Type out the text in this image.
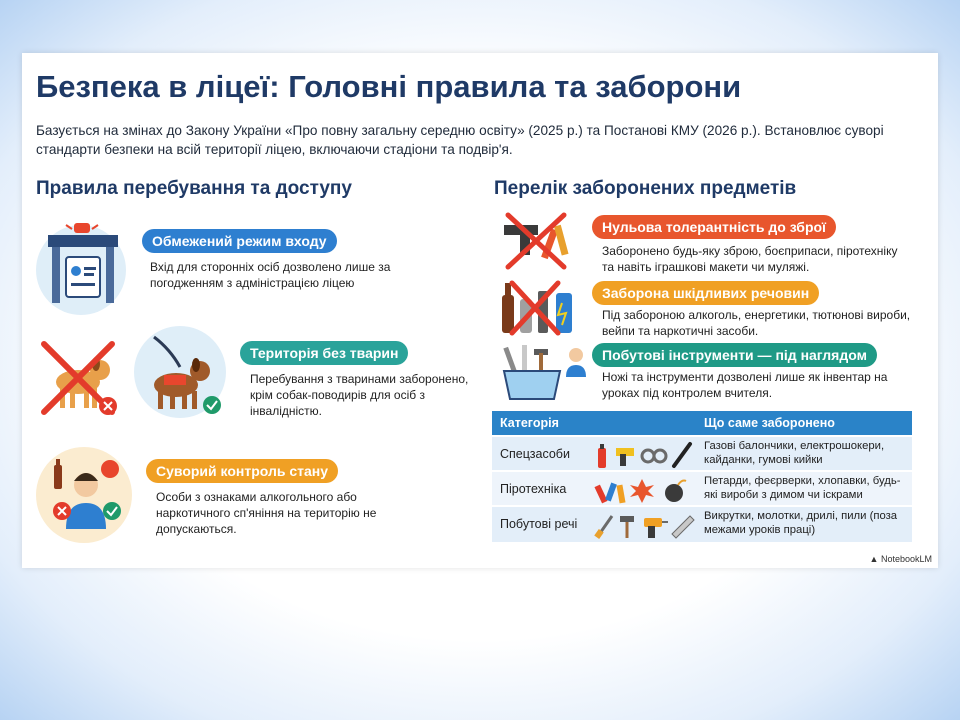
Безпека в ліцеї: Головні правила та заборони
Базується на змінах до Закону України «Про повну загальну середню освіту» (2025 р.) та Постанові КМУ (2026 р.). Встановлює суворі стандарти безпеки на всій території ліцею, включаючи стадіони та подвір'я.
Правила перебування та доступу
Обмежений режим входу
Вхід для сторонніх осіб дозволено лише за погодженням з адміністрацією ліцею
Територія без тварин
Перебування з тваринами заборонено, крім собак-поводирів для осіб з інвалідністю.
Суворий контроль стану
Особи з ознаками алкогольного або наркотичного сп'яніння на територію не допускаються.
Перелік заборонених предметів
Нульова толерантність до зброї
Заборонено будь-яку зброю, боєприпаси, піротехніку та навіть іграшкові макети чи муляжі.
Заборона шкідливих речовин
Під забороною алкоголь, енергетики, тютюнові вироби, вейпи та наркотичні засоби.
Побутові інструменти — під наглядом
Ножі та інструменти дозволені лише як інвентар на уроках під контролем вчителя.
Категорія	Що саме заборонено
Спецзасоби
Газові балончики, електрошокери, кайданки, гумові кийки
Піротехніка
Петарди, феєрверки, хлопавки, будь-які вироби з димом чи іскрами
Побутові речі
Викрутки, молотки, дрилі, пили (поза межами уроків праці)
▲ NotebookLM
